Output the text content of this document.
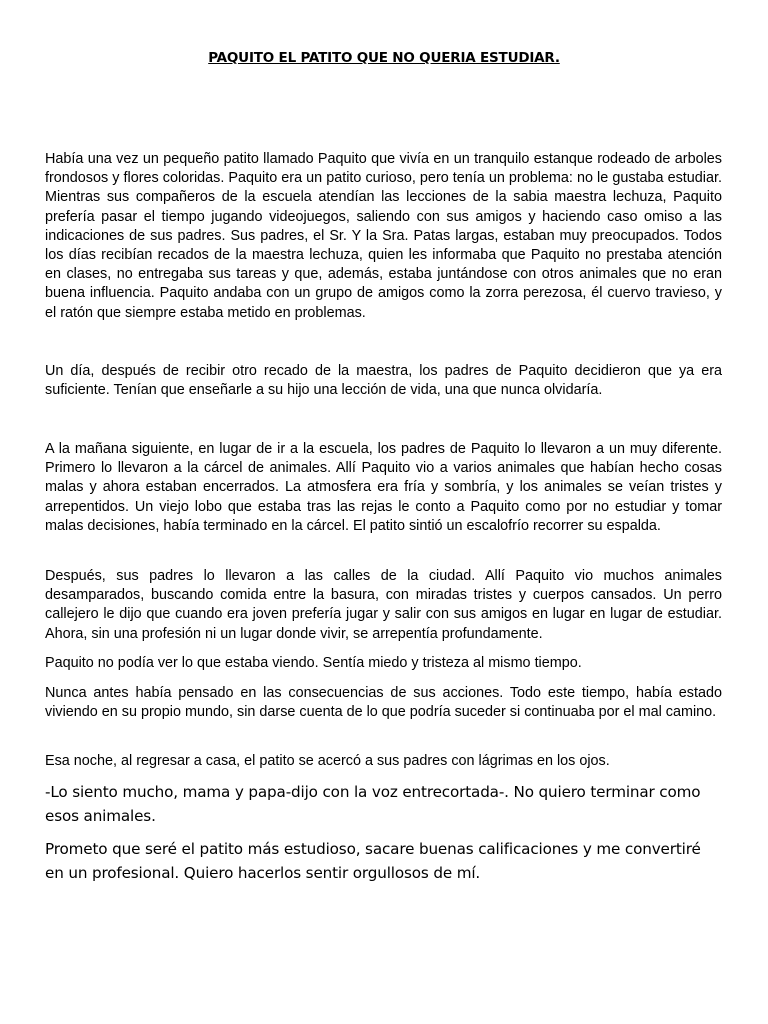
PAQUITO EL PATITO QUE NO QUERIA ESTUDIAR.

Había una vez un pequeño patito llamado Paquito que vivía en un tranquilo estanque rodeado de arboles frondosos y flores coloridas. Paquito era un patito curioso, pero tenía un problema: no le gustaba estudiar. Mientras sus compañeros de la escuela atendían las lecciones de la sabia maestra lechuza, Paquito prefería pasar el tiempo jugando videojuegos, saliendo con sus amigos y haciendo caso omiso a las indicaciones de sus padres. Sus padres, el Sr. Y la Sra. Patas largas, estaban muy preocupados. Todos los días recibían recados de la maestra lechuza, quien les informaba que Paquito no prestaba atención en clases, no entregaba sus tareas y que, además, estaba juntándose con otros animales que no eran buena influencia. Paquito andaba con un grupo de amigos como la zorra perezosa, él cuervo travieso, y el ratón que siempre estaba metido en problemas.

Un día, después de recibir otro recado de la maestra, los padres de Paquito decidieron que ya era suficiente. Tenían que enseñarle a su hijo una lección de vida, una que nunca olvidaría.

A la mañana siguiente, en lugar de ir a la escuela, los padres de Paquito lo llevaron a un muy diferente. Primero lo llevaron a la cárcel de animales. Allí Paquito vio a varios animales que habían hecho cosas malas y ahora estaban encerrados. La atmosfera era fría y sombría, y los animales se veían tristes y arrepentidos. Un viejo lobo que estaba tras las rejas le conto a Paquito como por no estudiar y tomar malas decisiones, había terminado en la cárcel. El patito sintió un escalofrío recorrer su espalda.

Después, sus padres lo llevaron a las calles de la ciudad. Allí Paquito vio muchos animales desamparados, buscando comida entre la basura, con miradas tristes y cuerpos cansados. Un perro callejero le dijo que cuando era joven prefería jugar y salir con sus amigos en lugar en lugar de estudiar. Ahora, sin una profesión ni un lugar donde vivir, se arrepentía profundamente.

Paquito no podía ver lo que estaba viendo. Sentía miedo y tristeza al mismo tiempo.

Nunca antes había pensado en las consecuencias de sus acciones. Todo este tiempo, había estado viviendo en su propio mundo, sin darse cuenta de lo que podría suceder si continuaba por el mal camino.

Esa noche, al regresar a casa, el patito se acercó a sus padres con lágrimas en los ojos.

-Lo siento mucho, mama y papa-dijo con la voz entrecortada-. No quiero terminar como esos animales.

Prometo que seré el patito más estudioso, sacare buenas calificaciones y me convertiré en un profesional. Quiero hacerlos sentir orgullosos de mí.
